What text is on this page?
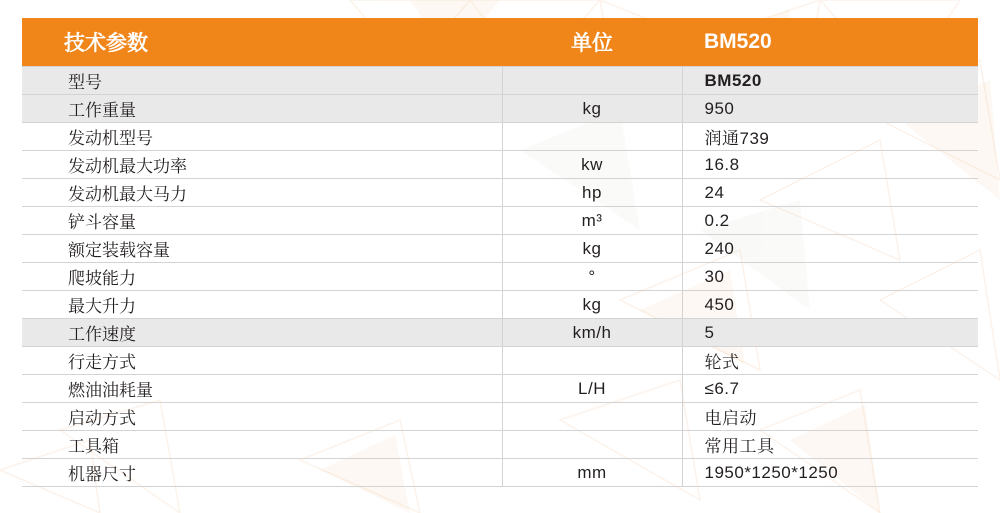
技术参数	单位	BM520
型号		BM520
工作重量	kg	950
发动机型号		润通739
发动机最大功率	kw	16.8
发动机最大马力	hp	24
铲斗容量	m³	0.2
额定装载容量	kg	240
爬坡能力	°	30
最大升力	kg	450
工作速度	km/h	5
行走方式		轮式
燃油油耗量	L/H	≤6.7
启动方式		电启动
工具箱		常用工具
机器尺寸	mm	1950*1250*1250
